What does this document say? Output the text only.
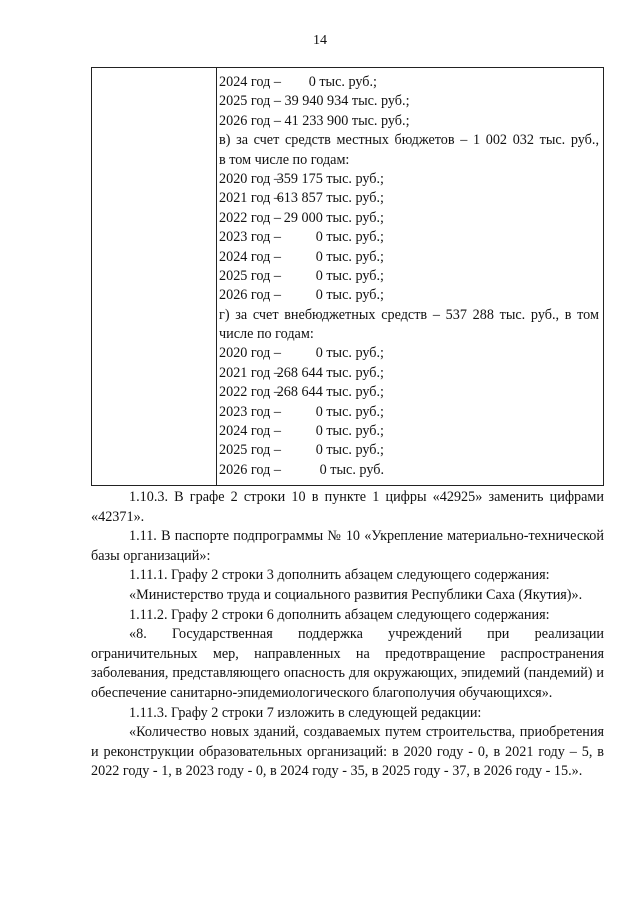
14
2024 год –	0 тыс. руб.;
2025 год – 39 940 934 тыс. руб.;
2026 год – 41 233 900 тыс. руб.;
в) за счет средств местных бюджетов – 1 002 032 тыс. руб.,
в том числе по годам:
2020 год –
359 175 тыс. руб.;
2021 год –
613 857 тыс. руб.;
2022 год – 29 000 тыс. руб.;
2023 год –	0 тыс. руб.;
2024 год –	0 тыс. руб.;
2025 год –	0 тыс. руб.;
2026 год –	0 тыс. руб.;
г) за счет внебюджетных средств – 537 288 тыс. руб., в том
числе по годам:
2020 год –	0 тыс. руб.;
2021 год –
268 644 тыс. руб.;
2022 год –
268 644 тыс. руб.;
2023 год –	0 тыс. руб.;
2024 год –	0 тыс. руб.;
2025 год –	0 тыс. руб.;
2026 год –	0 тыс. руб.

1.10.3. В графе 2 строки 10 в пункте 1 цифры «42925» заменить цифрами «42371».

1.11. В паспорте подпрограммы № 10 «Укрепление материально-технической базы организаций»:

1.11.1. Графу 2 строки 3 дополнить абзацем следующего содержания:

«Министерство труда и социального развития Республики Саха (Якутия)».

1.11.2. Графу 2 строки 6 дополнить абзацем следующего содержания:

«8. Государственная поддержка учреждений при реализации ограничительных мер, направленных на предотвращение распространения заболевания, представляющего опасность для окружающих, эпидемий (пандемий) и обеспечение санитарно-эпидемиологического благополучия обучающихся».

1.11.3. Графу 2 строки 7 изложить в следующей редакции:

«Количество новых зданий, создаваемых путем строительства, приобретения и реконструкции образовательных организаций: в 2020 году - 0, в 2021 году – 5, в 2022 году - 1, в 2023 году - 0, в 2024 году - 35, в 2025 году - 37, в 2026 году - 15.».
